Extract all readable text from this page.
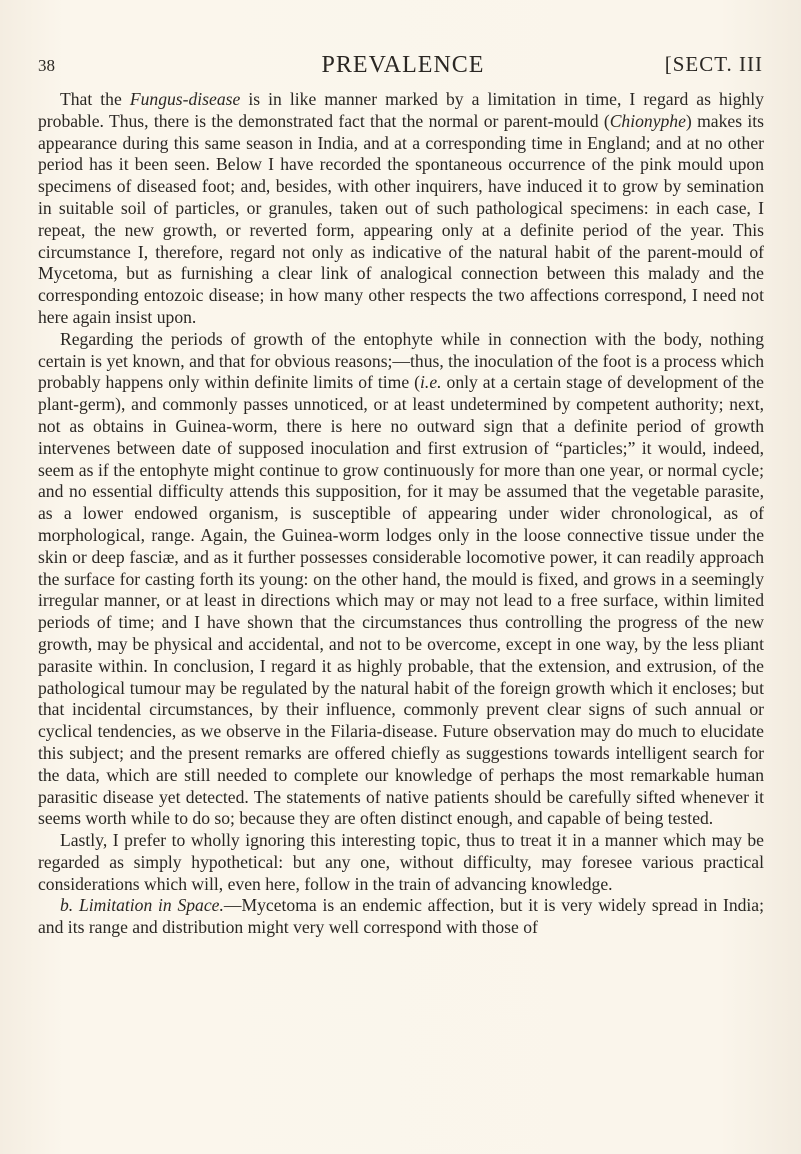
38	PREVALENCE	[SECT. III

That the Fungus-disease is in like manner marked by a limitation in time, I regard as highly probable. Thus, there is the demonstrated fact that the normal or parent-mould (Chionyphe) makes its appearance during this same season in India, and at a corresponding time in England; and at no other period has it been seen. Below I have recorded the spontaneous occurrence of the pink mould upon specimens of diseased foot; and, besides, with other inquirers, have induced it to grow by semination in suitable soil of particles, or granules, taken out of such pathological specimens: in each case, I repeat, the new growth, or reverted form, appearing only at a definite period of the year. This circumstance I, therefore, regard not only as indicative of the natural habit of the parent-mould of Mycetoma, but as furnishing a clear link of analogical connection between this malady and the corresponding entozoic disease; in how many other respects the two affections correspond, I need not here again insist upon.

Regarding the periods of growth of the entophyte while in connection with the body, nothing certain is yet known, and that for obvious reasons;—thus, the inoculation of the foot is a process which probably happens only within definite limits of time (i.e. only at a certain stage of development of the plant-germ), and commonly passes unnoticed, or at least undetermined by competent authority; next, not as obtains in Guinea-worm, there is here no outward sign that a definite period of growth intervenes between date of supposed inoculation and first extrusion of “particles;” it would, indeed, seem as if the entophyte might continue to grow continuously for more than one year, or normal cycle; and no essential difficulty attends this supposition, for it may be assumed that the vegetable parasite, as a lower endowed organism, is susceptible of appearing under wider chronological, as of morphological, range. Again, the Guinea-worm lodges only in the loose connective tissue under the skin or deep fasciæ, and as it further possesses considerable locomotive power, it can readily approach the surface for casting forth its young: on the other hand, the mould is fixed, and grows in a seemingly irregular manner, or at least in directions which may or may not lead to a free surface, within limited periods of time; and I have shown that the circumstances thus controlling the progress of the new growth, may be physical and accidental, and not to be overcome, except in one way, by the less pliant parasite within. In conclusion, I regard it as highly probable, that the extension, and extrusion, of the pathological tumour may be regulated by the natural habit of the foreign growth which it encloses; but that incidental circumstances, by their influence, commonly prevent clear signs of such annual or cyclical tendencies, as we observe in the Filaria-disease. Future observation may do much to elucidate this subject; and the present remarks are offered chiefly as suggestions towards intelligent search for the data, which are still needed to complete our knowledge of perhaps the most remarkable human parasitic disease yet detected. The statements of native patients should be carefully sifted whenever it seems worth while to do so; because they are often distinct enough, and capable of being tested.

Lastly, I prefer to wholly ignoring this interesting topic, thus to treat it in a manner which may be regarded as simply hypothetical: but any one, without difficulty, may foresee various practical considerations which will, even here, follow in the train of advancing knowledge.

b. Limitation in Space.—Mycetoma is an endemic affection, but it is very widely spread in India; and its range and distribution might very well correspond with those of
